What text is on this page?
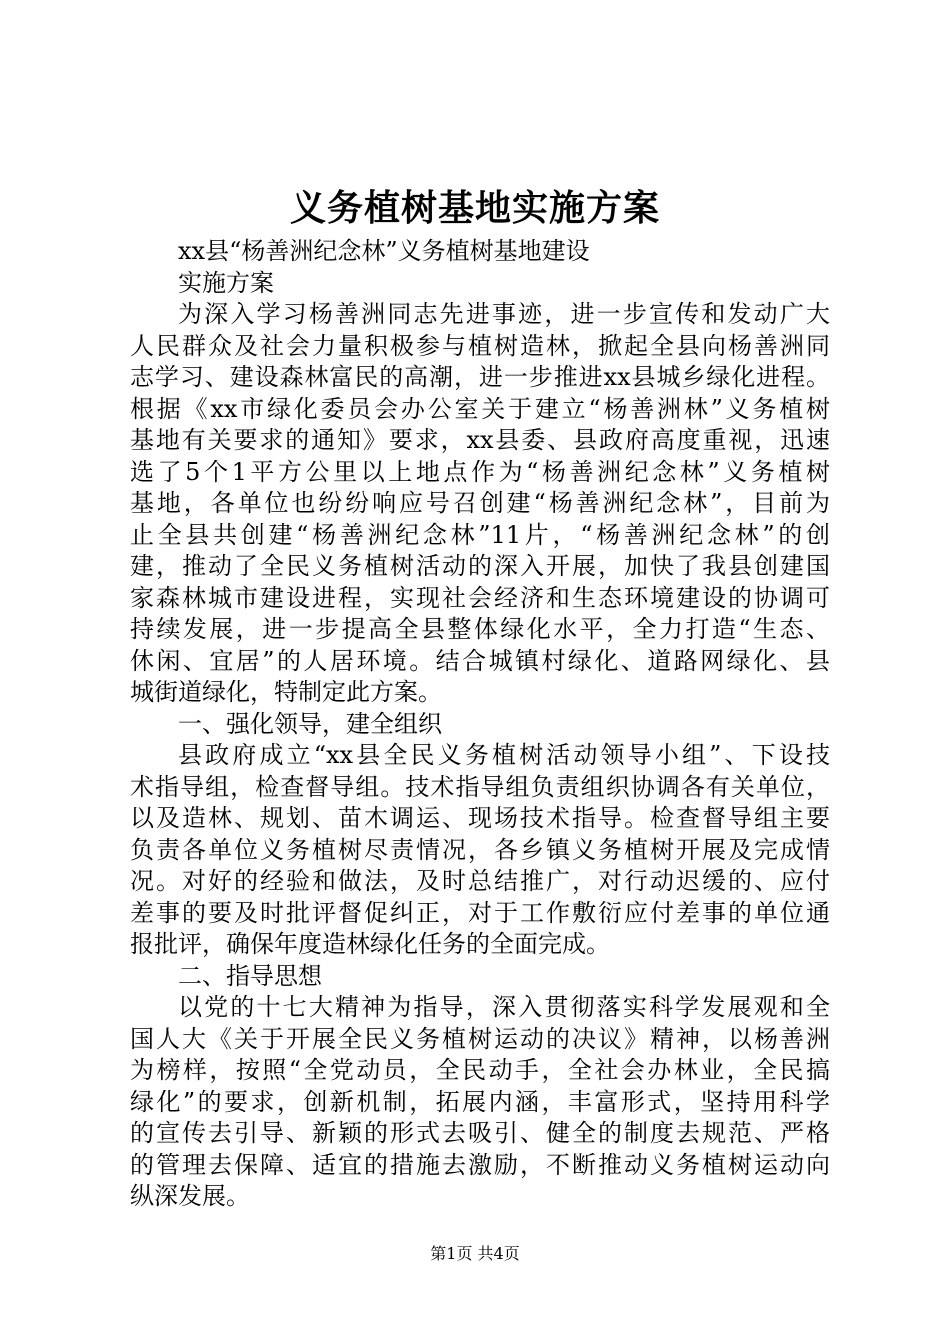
义务植树基地实施方案
xx县“杨善洲纪念林”义务植树基地建设
实施方案
为深入学习杨善洲同志先进事迹，进一步宣传和发动广大
人民群众及社会力量积极参与植树造林，掀起全县向杨善洲同
志学习、建设森林富民的高潮，进一步推进xx县城乡绿化进程。
根据《xx市绿化委员会办公室关于建立“杨善洲林”义务植树
基地有关要求的通知》要求，xx县委、县政府高度重视，迅速
选了5个1平方公里以上地点作为“杨善洲纪念林”义务植树
基地，各单位也纷纷响应号召创建“杨善洲纪念林”，目前为
止全县共创建“杨善洲纪念林”11片，“杨善洲纪念林”的创
建，推动了全民义务植树活动的深入开展，加快了我县创建国
家森林城市建设进程，实现社会经济和生态环境建设的协调可
持续发展，进一步提高全县整体绿化水平，全力打造“生态、
休闲、宜居”的人居环境。结合城镇村绿化、道路网绿化、县
城街道绿化，特制定此方案。
一、强化领导，建全组织
县政府成立“xx县全民义务植树活动领导小组”、下设技
术指导组，检查督导组。技术指导组负责组织协调各有关单位，
以及造林、规划、苗木调运、现场技术指导。检查督导组主要
负责各单位义务植树尽责情况，各乡镇义务植树开展及完成情
况。对好的经验和做法，及时总结推广，对行动迟缓的、应付
差事的要及时批评督促纠正，对于工作敷衍应付差事的单位通
报批评，确保年度造林绿化任务的全面完成。
二、指导思想
以党的十七大精神为指导，深入贯彻落实科学发展观和全
国人大《关于开展全民义务植树运动的决议》精神，以杨善洲
为榜样，按照“全党动员，全民动手，全社会办林业，全民搞
绿化”的要求，创新机制，拓展内涵，丰富形式，坚持用科学
的宣传去引导、新颖的形式去吸引、健全的制度去规范、严格
的管理去保障、适宜的措施去激励，不断推动义务植树运动向
纵深发展。
第1页 共4页
